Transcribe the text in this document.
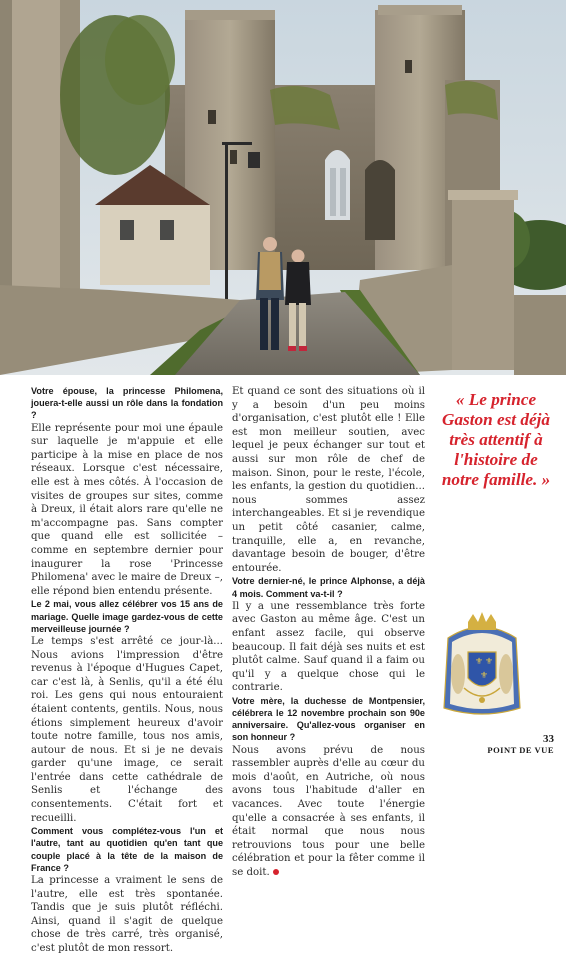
Votre épouse, la princesse Philomena, jouera-t-elle aussi un rôle dans la fondation ?

Elle représente pour moi une épaule sur laquelle je m'appuie et elle participe à la mise en place de nos réseaux. Lorsque c'est nécessaire, elle est à mes côtés. À l'occasion de visites de groupes sur sites, comme à Dreux, il était alors rare qu'elle ne m'accompagne pas. Sans compter que quand elle est sollicitée – comme en septembre dernier pour inaugurer la rose 'Princesse Philomena' avec le maire de Dreux –, elle répond bien entendu présente.

Le 2 mai, vous allez célébrer vos 15 ans de mariage. Quelle image gardez-vous de cette merveilleuse journée ?

Le temps s'est arrêté ce jour-là... Nous avions l'impression d'être revenus à l'époque d'Hugues Capet, car c'est là, à Senlis, qu'il a été élu roi. Les gens qui nous entouraient étaient contents, gentils. Nous, nous étions simplement heureux d'avoir toute notre famille, tous nos amis, autour de nous. Et si je ne devais garder qu'une image, ce serait l'entrée dans cette cathédrale de Senlis et l'échange des consentements. C'était fort et recueilli.

Comment vous complétez-vous l'un et l'autre, tant au quotidien qu'en tant que couple placé à la tête de la maison de France ?

La princesse a vraiment le sens de l'autre, elle est très spontanée. Tandis que je suis plutôt réfléchi. Ainsi, quand il s'agit de quelque chose de très carré, très organisé, c'est plutôt de mon ressort.

Et quand ce sont des situations où il y a besoin d'un peu moins d'organisation, c'est plutôt elle ! Elle est mon meilleur soutien, avec lequel je peux échanger sur tout et aussi sur mon rôle de chef de maison. Sinon, pour le reste, l'école, les enfants, la gestion du quotidien... nous sommes assez interchangeables. Et si je revendique un petit côté casanier, calme, tranquille, elle a, en revanche, davantage besoin de bouger, d'être entourée.

Votre dernier-né, le prince Alphonse, a déjà 4 mois. Comment va-t-il ?

Il y a une ressemblance très forte avec Gaston au même âge. C'est un enfant assez facile, qui observe beaucoup. Il fait déjà ses nuits et est plutôt calme. Sauf quand il a faim ou qu'il y a quelque chose qui le contrarie.

Votre mère, la duchesse de Montpensier, célébrera le 12 novembre prochain son 90e anniversaire. Qu'allez-vous organiser en son honneur ?

Nous avons prévu de nous rassembler auprès d'elle au cœur du mois d'août, en Autriche, où nous avons tous l'habitude d'aller en vacances. Avec toute l'énergie qu'elle a consacrée à ses enfants, il était normal que nous nous retrouvions tous pour une belle célébration et pour la fêter comme il se doit.

« Le prince Gaston est déjà très attentif à l'histoire de notre famille. »
⚜ ⚜
⚜
33
POINT DE VUE
